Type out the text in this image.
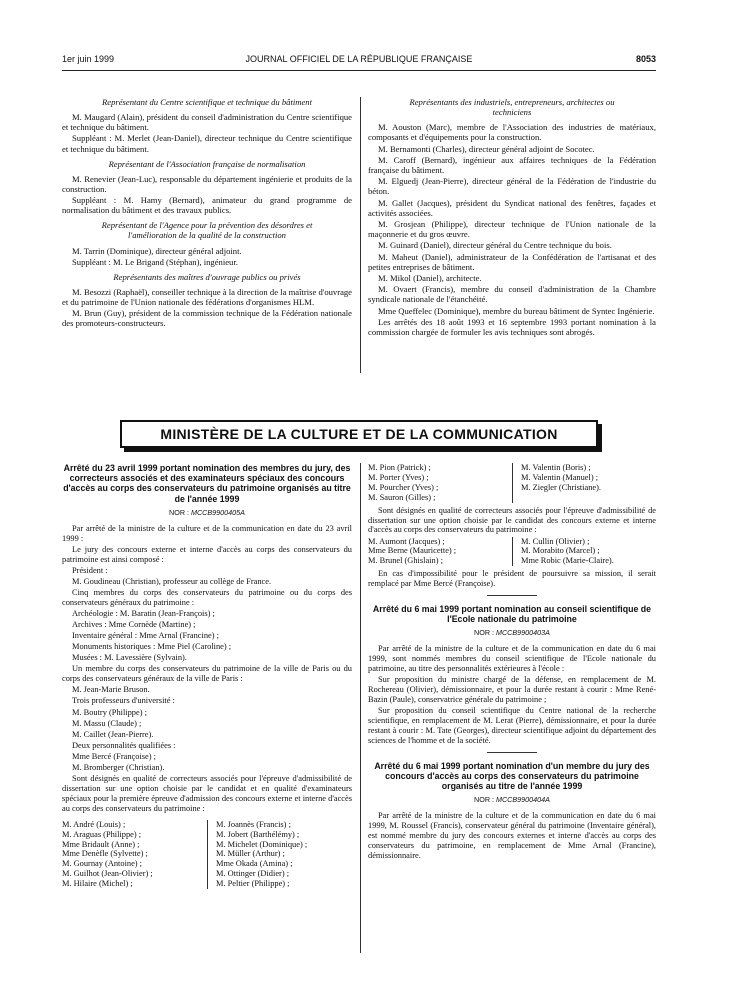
1er juin 1999	JOURNAL OFFICIEL DE LA RÉPUBLIQUE FRANÇAISE	8053

Représentant du Centre scientifique et technique du bâtiment

M. Maugard (Alain), président du conseil d'administration du Centre scientifique et technique du bâtiment.

Suppléant : M. Merlet (Jean-Daniel), directeur technique du Centre scientifique et technique du bâtiment.

Représentant de l'Association française de normalisation

M. Renevier (Jean-Luc), responsable du département ingénierie et produits de la construction.

Suppléant : M. Hamy (Bernard), animateur du grand programme de normalisation du bâtiment et des travaux publics.

Représentant de l'Agence pour la prévention des désordres et l'amélioration de la qualité de la construction

M. Tarrin (Dominique), directeur général adjoint.

Suppléant : M. Le Brigand (Stéphan), ingénieur.

Représentants des maîtres d'ouvrage publics ou privés

M. Besozzi (Raphaël), conseiller technique à la direction de la maîtrise d'ouvrage et du patrimoine de l'Union nationale des fédérations d'organismes HLM.

M. Brun (Guy), président de la commission technique de la Fédération nationale des promoteurs-constructeurs.

Représentants des industriels, entrepreneurs, architectes ou techniciens

M. Aouston (Marc), membre de l'Association des industries de matériaux, composants et d'équipements pour la construction.

M. Bernamonti (Charles), directeur général adjoint de Socotec.

M. Caroff (Bernard), ingénieur aux affaires techniques de la Fédération française du bâtiment.

M. Elguedj (Jean-Pierre), directeur général de la Fédération de l'industrie du béton.

M. Gallet (Jacques), président du Syndicat national des fenêtres, façades et activités associées.

M. Grosjean (Philippe), directeur technique de l'Union nationale de la maçonnerie et du gros œuvre.

M. Guinard (Daniel), directeur général du Centre technique du bois.

M. Maheut (Daniel), administrateur de la Confédération de l'artisanat et des petites entreprises de bâtiment.

M. Mikol (Daniel), architecte.

M. Ovaert (Francis), membre du conseil d'administration de la Chambre syndicale nationale de l'étanchéité.

Mme Queffelec (Dominique), membre du bureau bâtiment de Syntec Ingénierie.

Les arrêtés des 18 août 1993 et 16 septembre 1993 portant nomination à la commission chargée de formuler les avis techniques sont abrogés.

MINISTÈRE DE LA CULTURE ET DE LA COMMUNICATION
Arrêté du 23 avril 1999 portant nomination des membres du jury, des correcteurs associés et des examinateurs spéciaux des concours d'accès au corps des conservateurs du patrimoine organisés au titre de l'année 1999
NOR : MCCB9900405A

Par arrêté de la ministre de la culture et de la communication en date du 23 avril 1999 :

Le jury des concours externe et interne d'accès au corps des conservateurs du patrimoine est ainsi composé :

Président :

M. Goudineau (Christian), professeur au collège de France.

Cinq membres du corps des conservateurs du patrimoine ou du corps des conservateurs généraux du patrimoine :

Archéologie : M. Baratin (Jean-François) ;

Archives : Mme Cornède (Martine) ;

Inventaire général : Mme Arnal (Francine) ;

Monuments historiques : Mme Piel (Caroline) ;

Musées : M. Lavessière (Sylvain).

Un membre du corps des conservateurs du patrimoine de la ville de Paris ou du corps des conservateurs généraux de la ville de Paris :

M. Jean-Marie Bruson.

Trois professeurs d'université :

M. Boutry (Philippe) ;

M. Massu (Claude) ;

M. Caillet (Jean-Pierre).

Deux personnalités qualifiées :

Mme Bercé (Françoise) ;

M. Bromberger (Christian).

Sont désignés en qualité de correcteurs associés pour l'épreuve d'admissibilité de dissertation sur une option choisie par le candidat et en qualité d'examinateurs spéciaux pour la première épreuve d'admission des concours externe et interne d'accès au corps des conservateurs du patrimoine :

M. André (Louis) ;
M. Araguas (Philippe) ;
Mme Bridault (Anne) ;
Mme Denèfle (Sylvette) ;
M. Gournay (Antoine) ;
M. Guilhot (Jean-Olivier) ;
M. Hilaire (Michel) ;
M. Joannès (Francis) ;
M. Jobert (Barthélémy) ;
M. Michelet (Dominique) ;
M. Müller (Arthur) ;
Mme Okada (Amina) ;
M. Ottinger (Didier) ;
M. Peltier (Philippe) ;
M. Pion (Patrick) ;
M. Porter (Yves) ;
M. Pourcher (Yves) ;
M. Sauron (Gilles) ;
M. Valentin (Boris) ;
M. Valentin (Manuel) ;
M. Ziegler (Christiane).

Sont désignés en qualité de correcteurs associés pour l'épreuve d'admissibilité de dissertation sur une option choisie par le candidat des concours externe et interne d'accès au corps des conservateurs du patrimoine :

M. Aumont (Jacques) ;
Mme Berne (Mauricette) ;
M. Brunel (Ghislain) ;
M. Cullin (Olivier) ;
M. Morabito (Marcel) ;
Mme Robic (Marie-Claire).

En cas d'impossibilité pour le président de poursuivre sa mission, il serait remplacé par Mme Bercé (Françoise).

Arrêté du 6 mai 1999 portant nomination au conseil scientifique de l'Ecole nationale du patrimoine
NOR : MCCB9900403A

Par arrêté de la ministre de la culture et de la communication en date du 6 mai 1999, sont nommés membres du conseil scientifique de l'Ecole nationale du patrimoine, au titre des personnalités extérieures à l'école :

Sur proposition du ministre chargé de la défense, en remplacement de M. Rochereau (Olivier), démissionnaire, et pour la durée restant à courir : Mme René-Bazin (Paule), conservatrice générale du patrimoine ;

Sur proposition du conseil scientifique du Centre national de la recherche scientifique, en remplacement de M. Lerat (Pierre), démissionnaire, et pour la durée restant à courir : M. Tate (Georges), directeur scientifique adjoint du département des sciences de l'homme et de la société.

Arrêté du 6 mai 1999 portant nomination d'un membre du jury des concours d'accès au corps des conservateurs du patrimoine organisés au titre de l'année 1999
NOR : MCCB9900404A

Par arrêté de la ministre de la culture et de la communication en date du 6 mai 1999, M. Roussel (Francis), conservateur général du patrimoine (Inventaire général), est nommé membre du jury des concours externes et interne d'accès au corps des conservateurs du patrimoine, en remplacement de Mme Arnal (Francine), démissionnaire.
